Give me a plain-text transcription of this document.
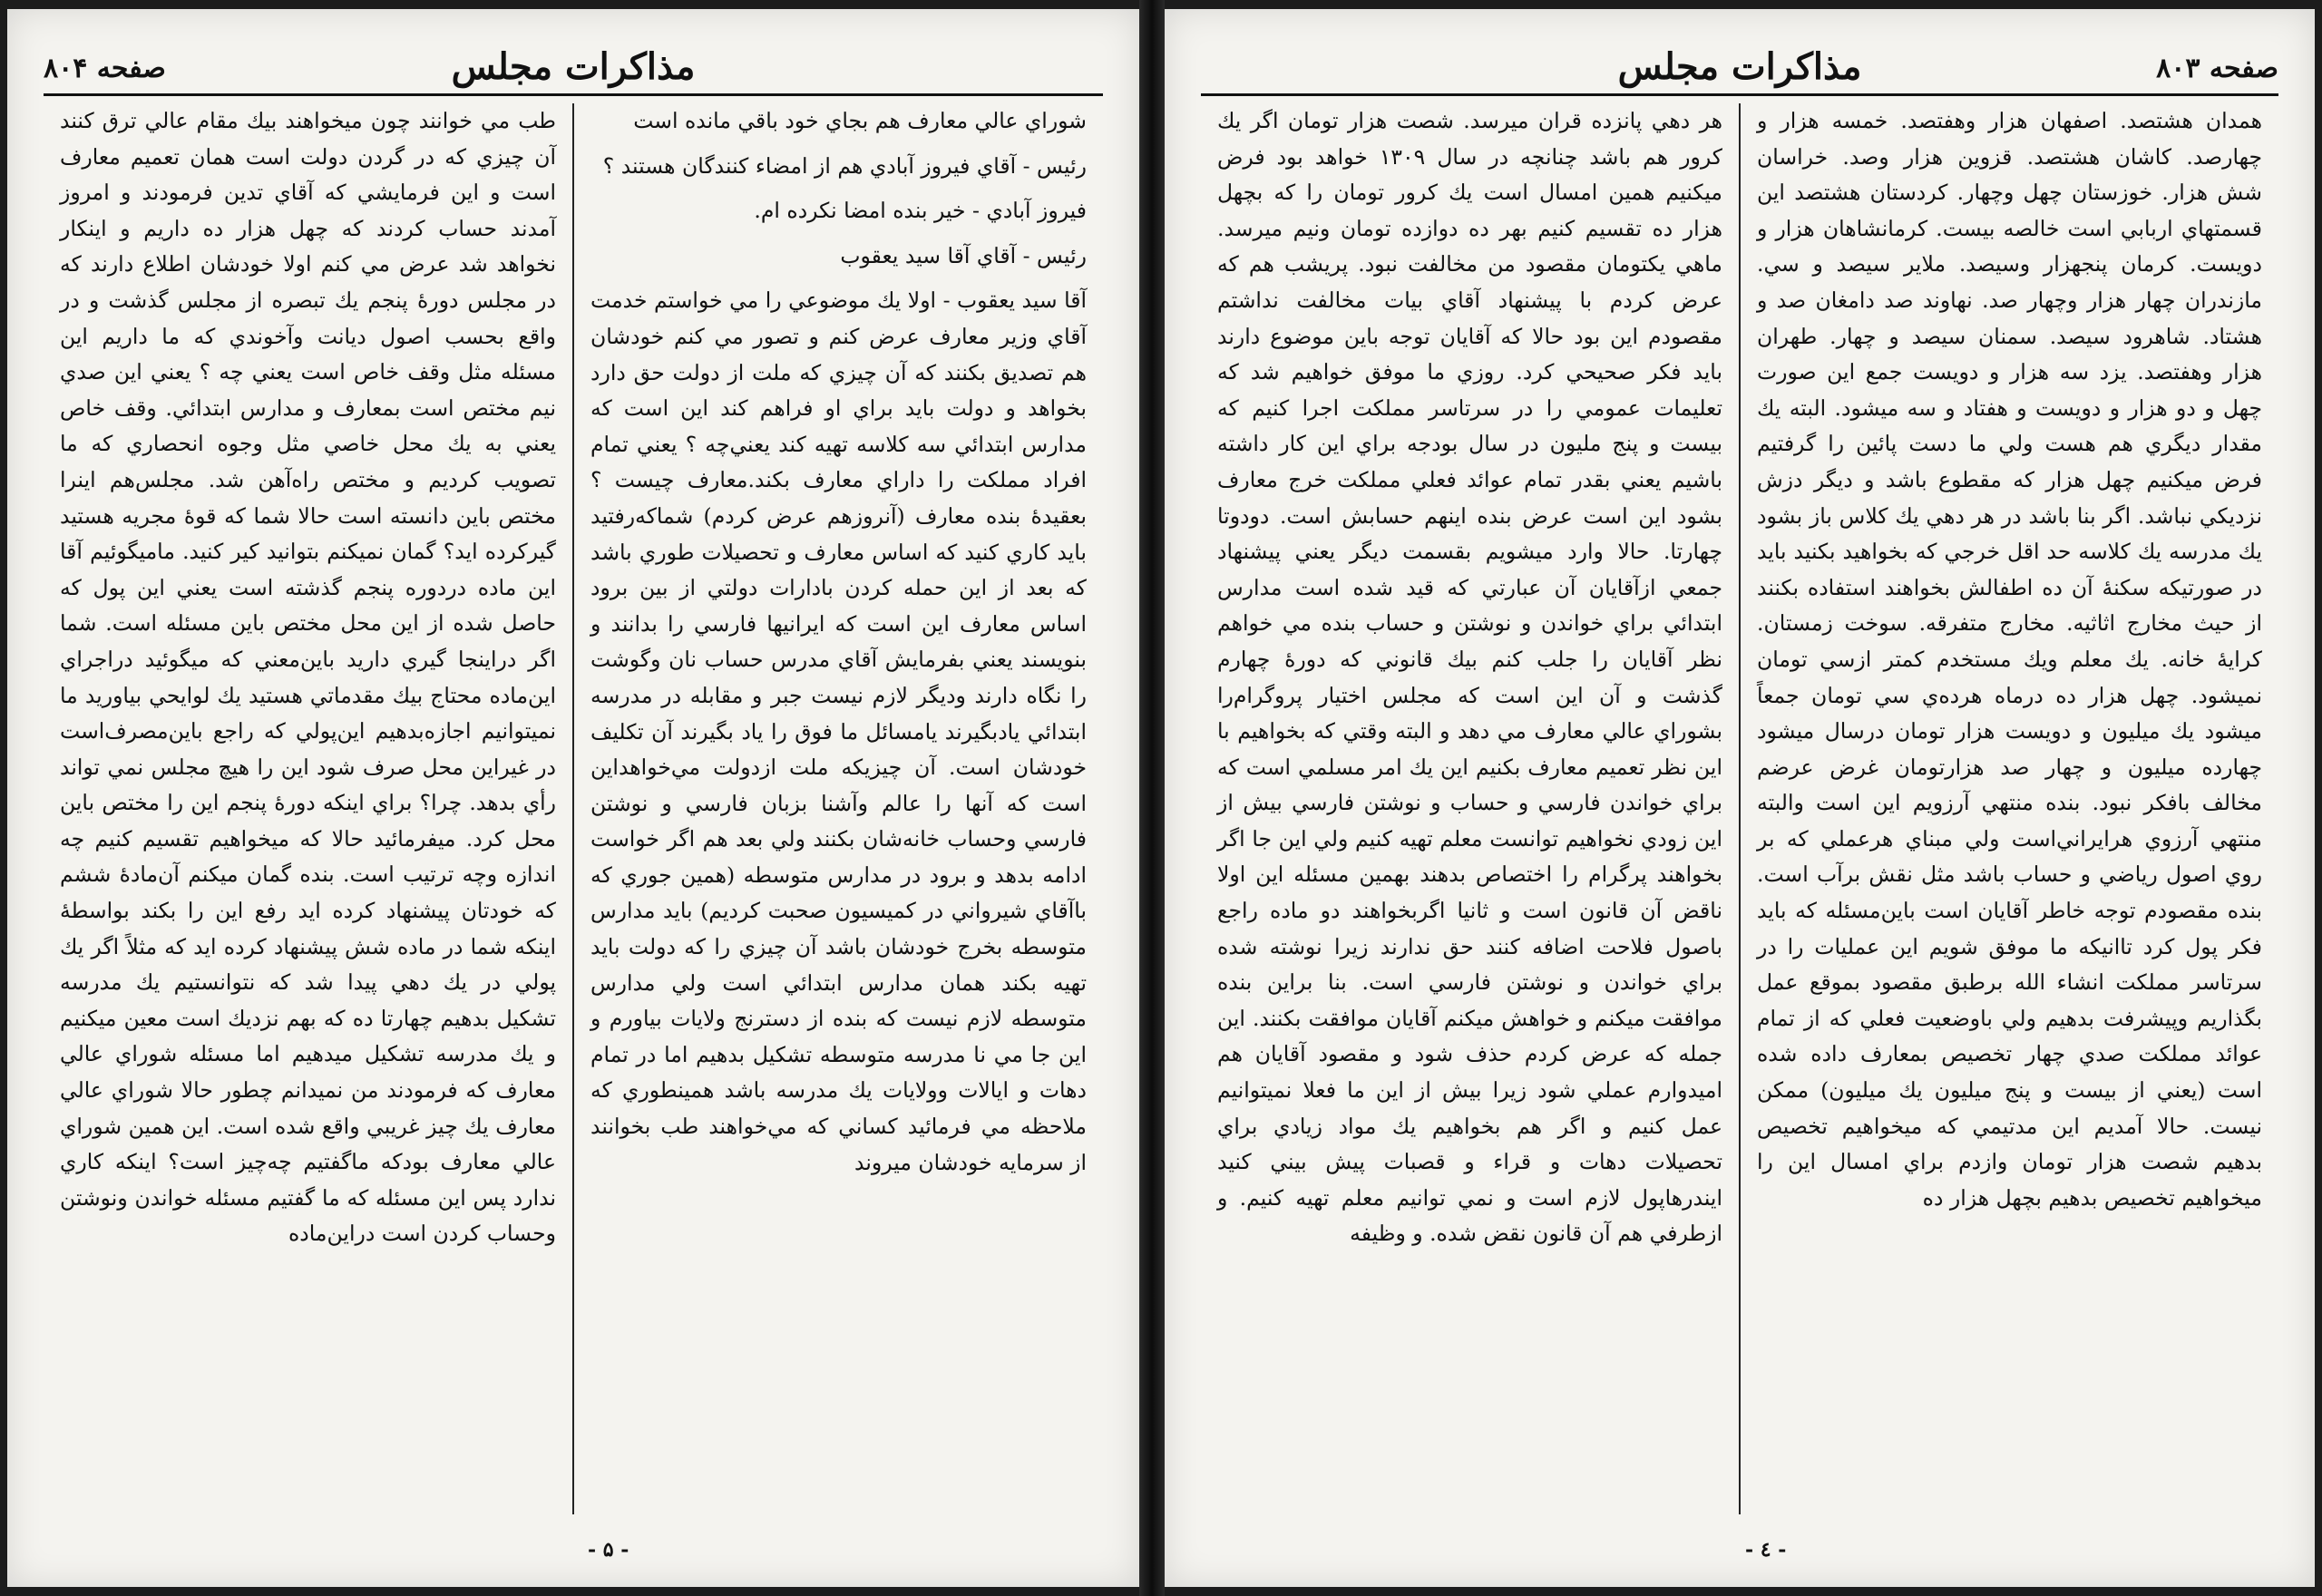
مذاكرات مجلس
صفحه ۸۰۴

شوراي عالي معارف هم بجاي خود باقي مانده است

رئيس - آقاي فيروز آبادي هم از امضاء كنندگان هستند ؟

فيروز آبادي - خير بنده امضا نكرده ام.

رئيس - آقاي آقا سيد يعقوب

آقا سيد يعقوب - اولا يك موضوعي را مي خواستم خدمت آقاي وزير معارف عرض كنم و تصور مي كنم خودشان هم تصديق بكنند كه آن چيزي كه ملت از دولت حق دارد بخواهد و دولت بايد براي او فراهم كند اين است كه مدارس ابتدائي سه كلاسه تهيه كند يعني‌چه ؟ يعني تمام افراد مملكت را داراي معارف بكند.معارف چيست ؟ بعقيدهٔ بنده معارف (آنروزهم عرض كردم) شماكه‌رفتيد بايد كاري كنيد كه اساس معارف و تحصيلات طوري باشد كه بعد از اين حمله كردن بادارات دولتي از بين برود اساس معارف اين است كه ايرانيها فارسي را بدانند و بنويسند يعني بفرمايش آقاي مدرس حساب نان وگوشت را نگاه دارند وديگر لازم نيست جبر و مقابله در مدرسه ابتدائي يادبگيرند يامسائل ما فوق را ياد بگيرند آن تكليف خودشان است. آن چيزيكه ملت ازدولت مي‌خواهداين است كه آنها را عالم وآشنا بزبان فارسي و نوشتن فارسي وحساب خانه‌شان بكنند ولي بعد هم اگر خواست ادامه بدهد و برود در مدارس متوسطه (همين جوري كه باآقاي شيرواني در كميسيون صحبت كرديم) بايد مدارس متوسطه بخرج خودشان باشد آن چيزي را كه دولت بايد تهيه بكند همان مدارس ابتدائي است ولي مدارس متوسطه لازم نيست كه بنده از دسترنج ولايات بياورم و اين جا مي نا مدرسه متوسطه تشكيل بدهيم اما در تمام دهات و ايالات وولايات يك مدرسه باشد همينطوري كه ملاحظه مي فرمائيد كساني كه مي‌خواهند طب بخوانند از سرمايه خودشان ميروند

طب مي خوانند چون ميخواهند بيك مقام عالي ترق كنند آن چيزي كه در گردن دولت است همان تعميم معارف است و اين فرمايشي كه آقاي تدين فرمودند و امروز آمدند حساب كردند كه چهل هزار ده داريم و اينكار نخواهد شد عرض مي كنم اولا خودشان اطلاع دارند كه در مجلس دورهٔ پنجم يك تبصره از مجلس گذشت و در واقع بحسب اصول ديانت وآخوندي كه ما داريم اين مسئله مثل وقف خاص است يعني چه ؟ يعني اين صدي نيم مختص است بمعارف و مدارس ابتدائي. وقف خاص يعني به يك محل خاصي مثل وجوه انحصاري كه ما تصويب كرديم و مختص راه‌آهن شد. مجلس‌هم اينرا مختص باين دانسته است حالا شما كه قوهٔ مجريه هستيد گيركرده ايد؟ گمان نميكنم بتوانيد كير كنيد. ماميگوئيم آقا اين ماده دردوره پنجم گذشته است يعني اين پول كه حاصل شده از اين محل مختص باين مسئله است. شما اگر دراينجا گيري داريد باين‌معني كه ميگوئيد دراجراي اين‌ماده محتاج بيك مقدماتي هستيد يك لوايحي بياوريد ما نميتوانيم اجازه‌بدهيم اين‌پولي كه راجع باين‌مصرف‌است در غيراين محل صرف شود اين را هيچ مجلس نمي تواند رأي بدهد. چرا؟ براي اينكه دورهٔ پنجم اين را مختص باين محل كرد. ميفرمائيد حالا كه ميخواهيم تقسيم كنيم چه اندازه وچه ترتيب است. بنده گمان ميكنم آن‌مادهٔ ششم كه خودتان پيشنهاد كرده ايد رفع اين را بكند بواسطهٔ اينكه شما در ماده شش پيشنهاد كرده ايد كه مثلاً اگر يك پولي در يك دهي پيدا شد كه نتوانستيم يك مدرسه تشكيل بدهيم چهارتا ده كه بهم نزديك است معين ميكنيم و يك مدرسه تشكيل ميدهيم اما مسئله شوراي عالي معارف كه فرمودند من نميدانم چطور حالا شوراي عالي معارف يك چيز غريبي واقع شده است. اين همين شوراي عالي معارف بودكه ماگفتيم چه‌چيز است؟ اينكه كاري ندارد پس اين مسئله كه ما گفتيم مسئله خواندن ونوشتن وحساب كردن است دراين‌ماده

- ۵ -
مذاكرات مجلس	صفحه ۸۰۳

همدان هشتصد. اصفهان هزار وهفتصد. خمسه هزار و چهارصد. كاشان هشتصد. قزوين هزار وصد. خراسان شش هزار. خوزستان چهل وچهار. كردستان هشتصد اين قسمتهاي اربابي است خالصه بيست. كرمانشاهان هزار و دويست. كرمان پنجهزار وسيصد. ملاير سيصد و سي. مازندران چهار هزار وچهار صد. نهاوند صد دامغان صد و هشتاد. شاهرود سيصد. سمنان سيصد و چهار. طهران هزار وهفتصد. يزد سه هزار و دويست جمع اين صورت چهل و دو هزار و دويست و هفتاد و سه ميشود. البته يك مقدار ديگري هم هست ولي ما دست پائين را گرفتيم فرض ميكنيم چهل هزار كه مقطوع باشد و ديگر دزش نزديكي نباشد. اگر بنا باشد در هر دهي يك كلاس باز بشود يك مدرسه يك كلاسه حد اقل خرجي كه بخواهيد بكنيد بايد در صورتيكه سكنهٔ آن ده اطفالش بخواهند استفاده بكنند از حيث مخارج اثاثيه. مخارج متفرقه. سوخت زمستان. كرايهٔ خانه. يك معلم ويك مستخدم كمتر ازسي تومان نميشود. چهل هزار ده درماه هرده‌ي سي تومان جمعاً ميشود يك ميليون و دويست هزار تومان درسال ميشود چهارده ميليون و چهار صد هزارتومان غرض عرضم مخالف بافكر نبود. بنده منتهي آرزويم اين است والبته منتهي آرزوي هرايراني‌است ولي مبناي هرعملي كه بر روي اصول رياضي و حساب باشد مثل نقش برآب است. بنده مقصودم توجه خاطر آقايان است باين‌مسئله كه بايد فكر پول كرد تاانيكه ما موفق شويم اين عمليات را در سرتاسر مملكت انشاء الله برطبق مقصود بموقع عمل بگذاريم وپيشرفت بدهيم ولي باوضعيت فعلي كه از تمام عوائد مملكت صدي چهار تخصيص بمعارف داده شده است (يعني از بيست و پنج ميليون يك ميليون) ممكن نيست. حالا آمديم اين مدتيمي كه ميخواهيم تخصيص بدهيم شصت هزار تومان وازدم براي امسال اين را ميخواهيم تخصيص بدهيم بچهل هزار ده

هر دهي پانزده قران ميرسد. شصت هزار تومان اگر يك كرور هم باشد چنانچه در سال ۱۳۰۹ خواهد بود فرض ميكنيم همين امسال است يك كرور تومان را كه بچهل هزار ده تقسيم كنيم بهر ده دوازده تومان ونيم ميرسد. ماهي يكتومان مقصود من مخالفت نبود. پريشب هم كه عرض كردم با پيشنهاد آقاي بيات مخالفت نداشتم مقصودم اين بود حالا كه آقايان توجه باين موضوع دارند بايد فكر صحيحي كرد. روزي ما موفق خواهيم شد كه تعليمات عمومي را در سرتاسر مملكت اجرا كنيم كه بيست و پنج مليون در سال بودجه براي اين كار داشته باشيم يعني بقدر تمام عوائد فعلي مملكت خرج معارف بشود اين است عرض بنده اينهم حسابش است. دودوتا چهارتا. حالا وارد ميشويم بقسمت ديگر يعني پيشنهاد جمعي ازآقايان آن عبارتي كه قيد شده است مدارس ابتدائي براي خواندن و نوشتن و حساب بنده مي خواهم نظر آقايان را جلب كنم بيك قانوني كه دورهٔ چهارم گذشت و آن اين است كه مجلس اختيار پروگرام‌را بشوراي عالي معارف مي دهد و البته وقتي كه بخواهيم با اين نظر تعميم معارف بكنيم اين يك امر مسلمي است كه براي خواندن فارسي و حساب و نوشتن فارسي بيش از اين زودي نخواهيم توانست معلم تهيه كنيم ولي اين جا اگر بخواهند پرگرام را اختصاص بدهند بهمين مسئله اين اولا ناقض آن قانون است و ثانيا اگربخواهند دو ماده راجع باصول فلاحت اضافه كنند حق ندارند زيرا نوشته شده براي خواندن و نوشتن فارسي است. بنا براين بنده موافقت ميكنم و خواهش ميكنم آقايان موافقت بكنند. اين جمله كه عرض كردم حذف شود و مقصود آقايان هم اميدوارم عملي شود زيرا بيش از اين ما فعلا نميتوانيم عمل كنيم و اگر هم بخواهيم يك مواد زيادي براي تحصيلات دهات و قراء و قصبات پيش بيني كنيد ايندرهاپول لازم است و نمي توانيم معلم تهيه كنيم. و ازطرفي هم آن قانون نقض شده. و وظيفه

- ٤ -
